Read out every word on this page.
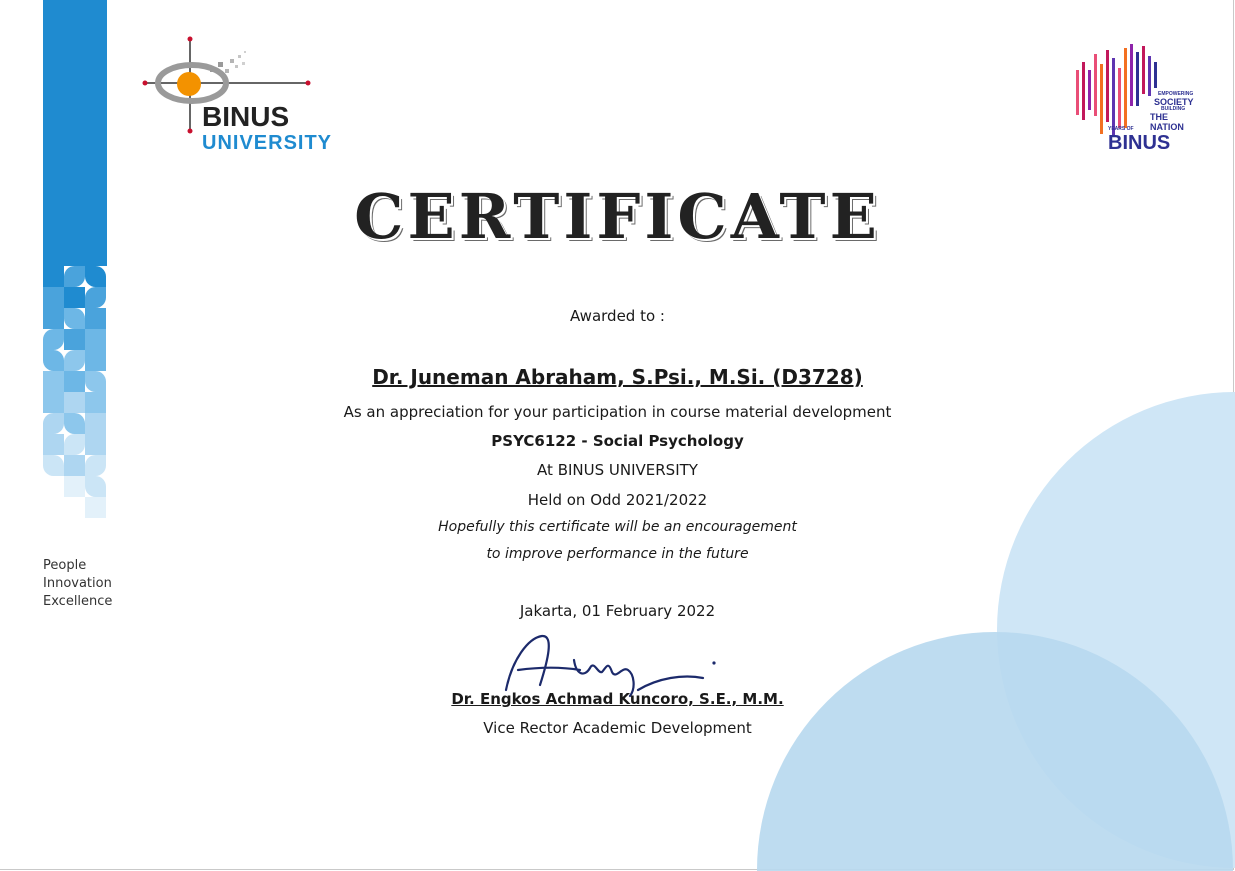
People
Innovation
Excellence
BINUS
UNIVERSITY
EMPOWERING
SOCIETY
BUILDING
THE NATION
YEARS OF
BINUS
CERTIFICATE
Awarded to :
Dr. Juneman Abraham, S.Psi., M.Si. (D3728)
As an appreciation for your participation in course material development
PSYC6122 - Social Psychology
At BINUS UNIVERSITY
Held on Odd 2021/2022
Hopefully this certificate will be an encouragement
to improve performance in the future
Jakarta, 01 February 2022
Dr. Engkos Achmad Kuncoro, S.E., M.M.
Vice Rector Academic Development
